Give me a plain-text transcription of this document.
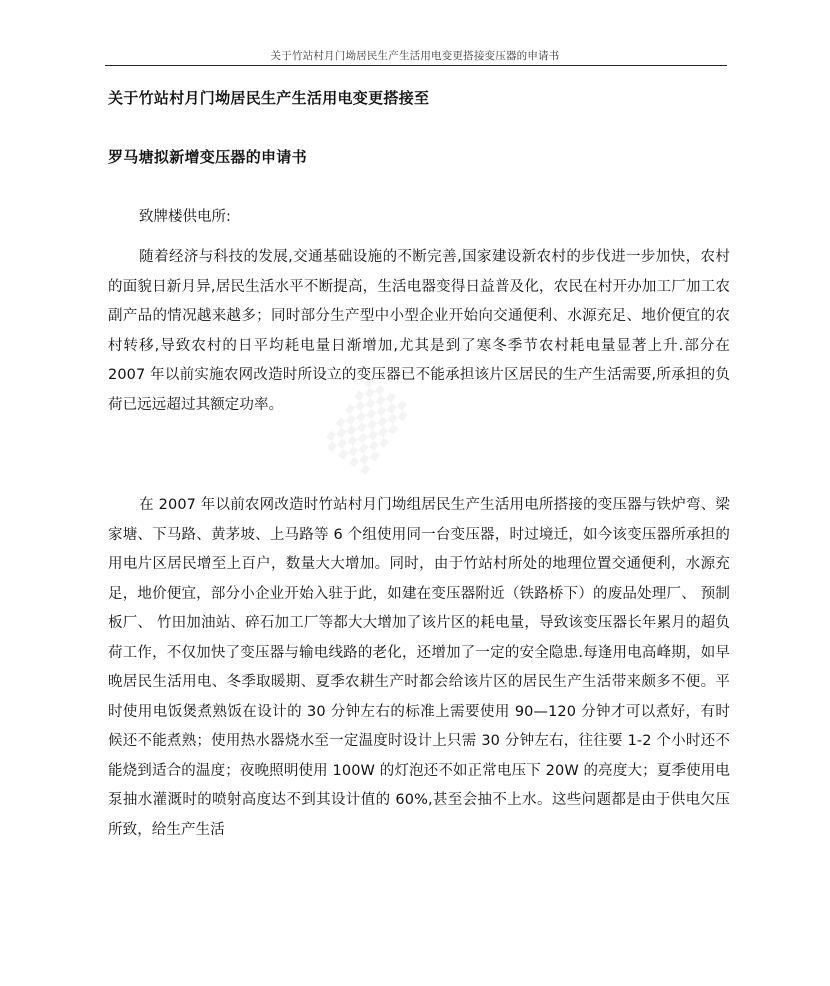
关于竹站村月门坳居民生产生活用电变更搭接变压器的申请书
关于竹站村月门坳居民生产生活用电变更搭接至
罗马塘拟新增变压器的申请书
致牌楼供电所:

随着经济与科技的发展,交通基础设施的不断完善,国家建设新农村的步伐进一步加快，农村的面貌日新月异,居民生活水平不断提高，生活电器变得日益普及化，农民在村开办加工厂加工农副产品的情况越来越多；同时部分生产型中小型企业开始向交通便利、水源充足、地价便宜的农村转移,导致农村的日平均耗电量日渐增加,尤其是到了寒冬季节农村耗电量显著上升.部分在 2007 年以前实施农网改造时所设立的变压器已不能承担该片区居民的生产生活需要,所承担的负荷已远远超过其额定功率。

在 2007 年以前农网改造时竹站村月门坳组居民生产生活用电所搭接的变压器与铁炉弯、梁家塘、下马路、黄茅坡、上马路等 6 个组使用同一台变压器，时过境迁，如今该变压器所承担的用电片区居民增至上百户，数量大大增加。同时，由于竹站村所处的地理位置交通便利，水源充足，地价便宜，部分小企业开始入驻于此，如建在变压器附近（铁路桥下）的废品处理厂、 预制板厂、 竹田加油站、碎石加工厂等都大大增加了该片区的耗电量，导致该变压器长年累月的超负荷工作，不仅加快了变压器与输电线路的老化，还增加了一定的安全隐患.每逢用电高峰期，如早晚居民生活用电、冬季取暖期、夏季农耕生产时都会给该片区的居民生产生活带来颇多不便。平时使用电饭煲煮熟饭在设计的 30 分钟左右的标准上需要使用 90—120 分钟才可以煮好，有时候还不能煮熟；使用热水器烧水至一定温度时设计上只需 30 分钟左右，往往要 1-2 个小时还不能烧到适合的温度；夜晚照明使用 100W 的灯泡还不如正常电压下 20W 的亮度大；夏季使用电泵抽水灌溉时的喷射高度达不到其设计值的 60%,甚至会抽不上水。这些问题都是由于供电欠压所致，给生产生活
